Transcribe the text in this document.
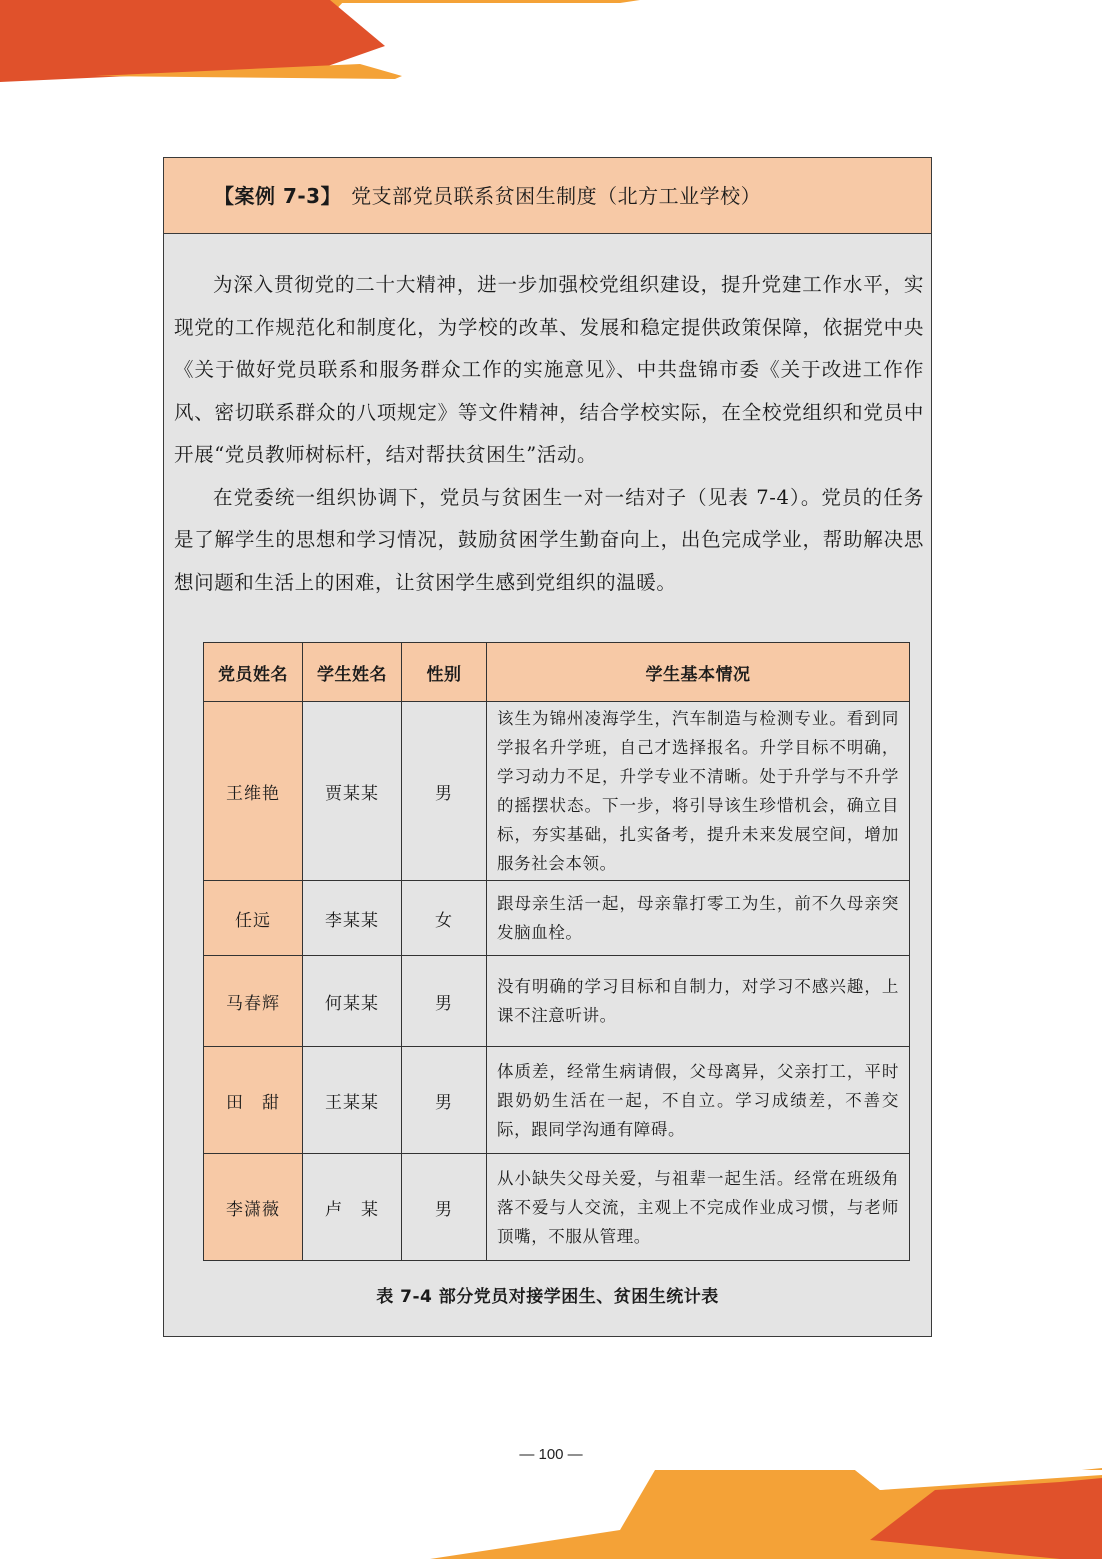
【案例 7-3】 党支部党员联系贫困生制度（北方工业学校）

为深入贯彻党的二十大精神，进一步加强校党组织建设，提升党建工作水平，实现党的工作规范化和制度化，为学校的改革、发展和稳定提供政策保障，依据党中央《关于做好党员联系和服务群众工作的实施意见》、中共盘锦市委《关于改进工作作风、密切联系群众的八项规定》等文件精神，结合学校实际，在全校党组织和党员中开展“党员教师树标杆，结对帮扶贫困生”活动。

在党委统一组织协调下，党员与贫困生一对一结对子（见表 7-4）。党员的任务是了解学生的思想和学习情况，鼓励贫困学生勤奋向上，出色完成学业，帮助解决思想问题和生活上的困难，让贫困学生感到党组织的温暖。

党员姓名	学生姓名	性别	学生基本情况
王维艳	贾某某	男	该生为锦州凌海学生，汽车制造与检测专业。看到同学报名升学班，自己才选择报名。升学目标不明确，学习动力不足，升学专业不清晰。处于升学与不升学的摇摆状态。下一步，将引导该生珍惜机会，确立目标，夯实基础，扎实备考，提升未来发展空间，增加服务社会本领。
任远	李某某	女	跟母亲生活一起，母亲靠打零工为生，前不久母亲突发脑血栓。
马春辉	何某某	男	没有明确的学习目标和自制力，对学习不感兴趣，上课不注意听讲。
田　甜	王某某	男	体质差，经常生病请假，父母离异，父亲打工，平时跟奶奶生活在一起，不自立。学习成绩差，不善交际，跟同学沟通有障碍。
李潇薇	卢　某	男	从小缺失父母关爱，与祖辈一起生活。经常在班级角落不爱与人交流，主观上不完成作业成习惯，与老师顶嘴，不服从管理。
表 7-4 部分党员对接学困生、贫困生统计表
— 100 —
